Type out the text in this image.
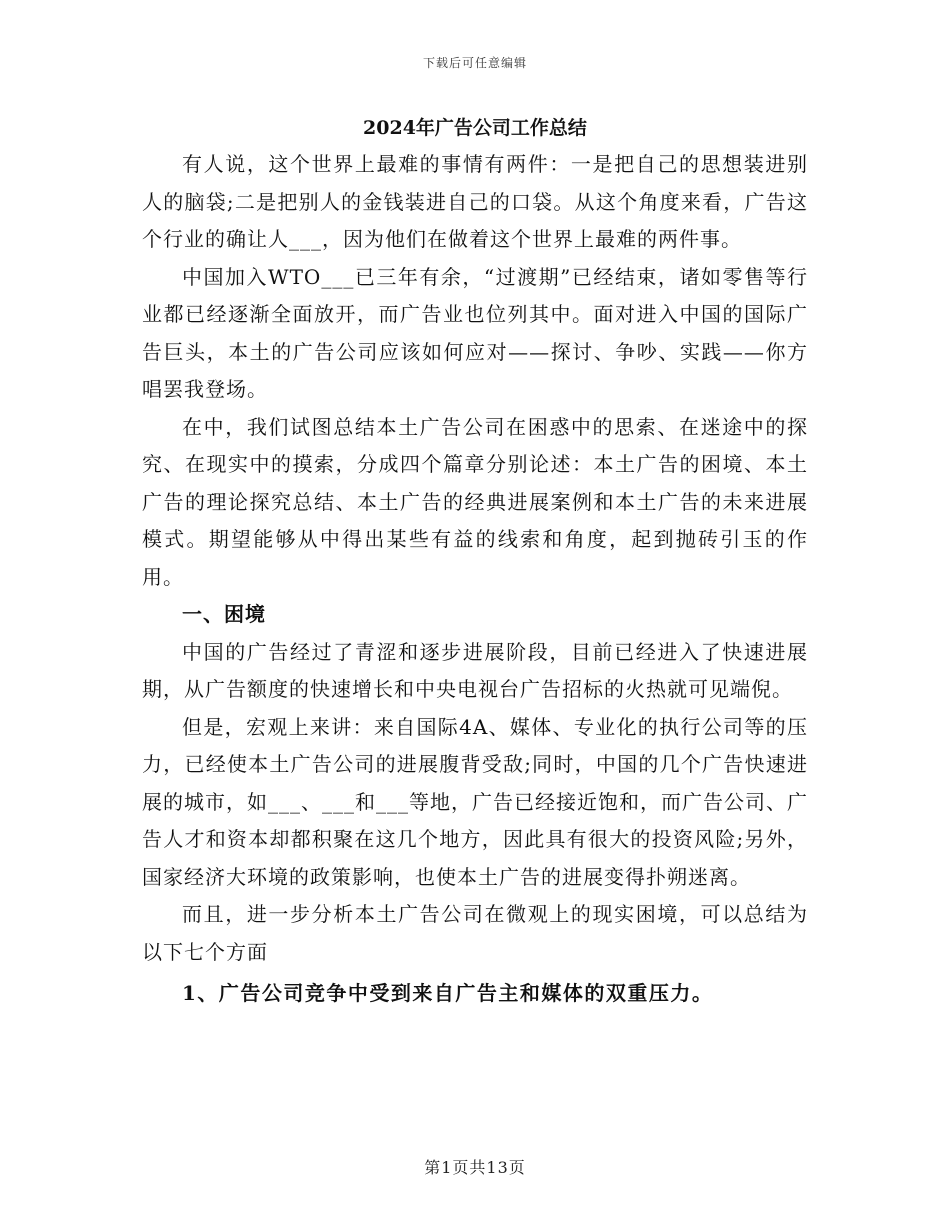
下载后可任意编辑
2024年广告公司工作总结

有人说，这个世界上最难的事情有两件：一是把自己的思想装进别人的脑袋;二是把别人的金钱装进自己的口袋。从这个角度来看，广告这个行业的确让人___，因为他们在做着这个世界上最难的两件事。

中国加入WTO___已三年有余，“过渡期”已经结束，诸如零售等行业都已经逐渐全面放开，而广告业也位列其中。面对进入中国的国际广告巨头，本土的广告公司应该如何应对——探讨、争吵、实践——你方唱罢我登场。

在中，我们试图总结本土广告公司在困惑中的思索、在迷途中的探究、在现实中的摸索，分成四个篇章分别论述：本土广告的困境、本土广告的理论探究总结、本土广告的经典进展案例和本土广告的未来进展模式。期望能够从中得出某些有益的线索和角度，起到抛砖引玉的作用。

一、困境

中国的广告经过了青涩和逐步进展阶段，目前已经进入了快速进展期，从广告额度的快速增长和中央电视台广告招标的火热就可见端倪。

但是，宏观上来讲：来自国际4A、媒体、专业化的执行公司等的压力，已经使本土广告公司的进展腹背受敌;同时，中国的几个广告快速进展的城市，如___、___和___等地，广告已经接近饱和，而广告公司、广告人才和资本却都积聚在这几个地方，因此具有很大的投资风险;另外，国家经济大环境的政策影响，也使本土广告的进展变得扑朔迷离。

而且，进一步分析本土广告公司在微观上的现实困境，可以总结为以下七个方面

1、广告公司竞争中受到来自广告主和媒体的双重压力。

第1页共13页
